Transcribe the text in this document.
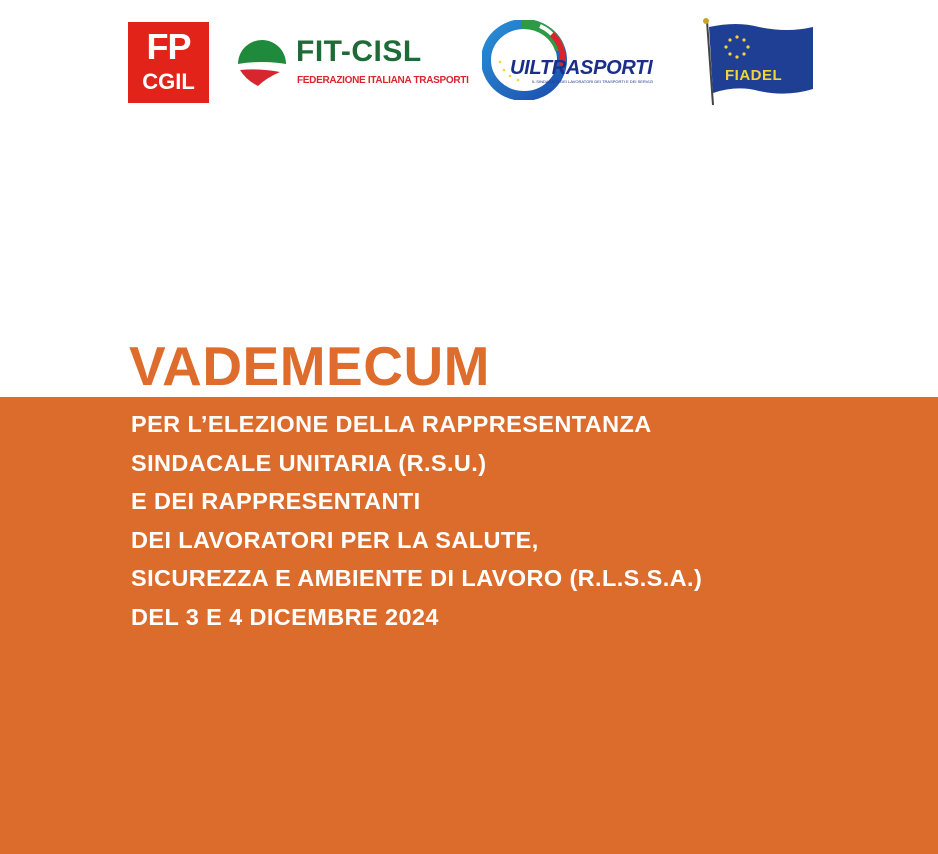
FP
CGIL
FIT-CISL
FEDERAZIONE ITALIANA TRASPORTI
UILTRASPORTI
IL SINDACATO DEI LAVORATORI DEI TRASPORTI E DEI SERVIZI	FIADEL
VADEMECUM
PER L’ELEZIONE DELLA RAPPRESENTANZA
SINDACALE UNITARIA (R.S.U.)
E DEI RAPPRESENTANTI
DEI LAVORATORI PER LA SALUTE,
SICUREZZA E AMBIENTE DI LAVORO (R.L.S.S.A.)
DEL 3 E 4 DICEMBRE 2024
